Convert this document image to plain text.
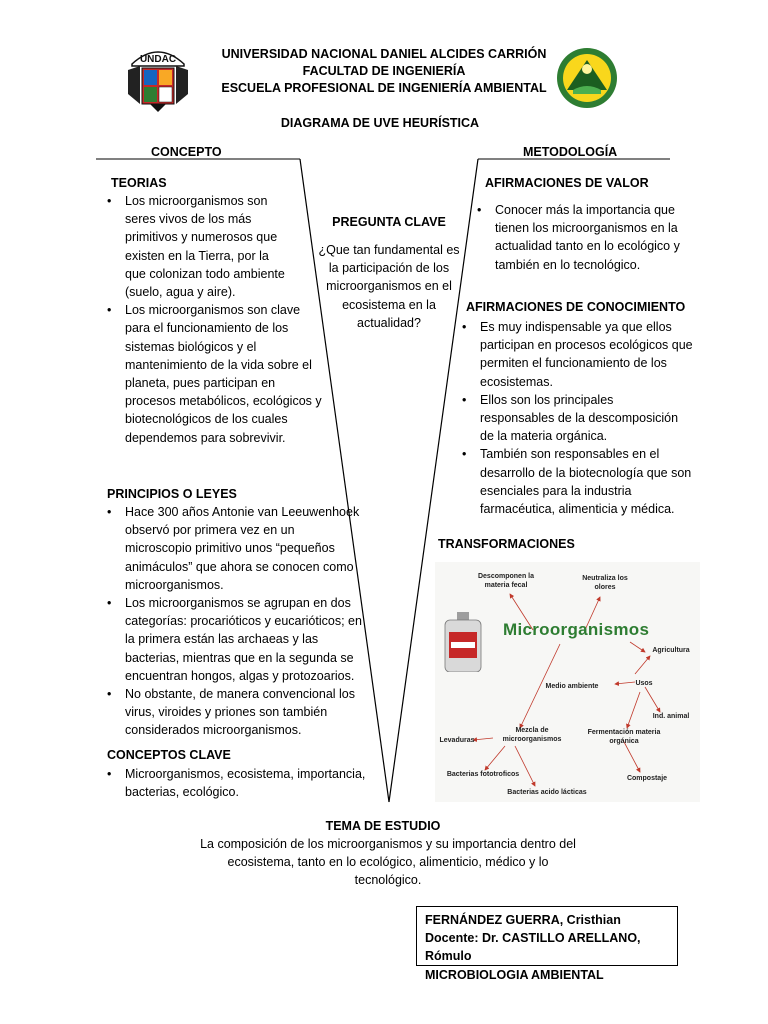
UNDAC	UNIVERSIDAD NACIONAL DANIEL ALCIDES CARRIÓN
FACULTAD DE INGENIERÍA
ESCUELA PROFESIONAL DE INGENIERÍA AMBIENTAL
DIAGRAMA DE UVE HEURÍSTICA
CONCEPTO	METODOLOGÍA
TEORIAS
• Los microorganismos son seres vivos de los más primitivos y numerosos que existen en la Tierra, por la que colonizan todo ambiente (suelo, agua y aire).
• Los microorganismos son clave para el funcionamiento de los sistemas biológicos y el mantenimiento de la vida sobre el planeta, pues participan en procesos metabólicos, ecológicos y biotecnológicos de los cuales dependemos para sobrevivir.
PRINCIPIOS O LEYES
• Hace 300 años Antonie van Leeuwenhoek observó por primera vez en un microscopio primitivo unos “pequeños animáculos” que ahora se conocen como microorganismos.
• Los microorganismos se agrupan en dos categorías: procarióticos y eucarióticos; en la primera están las archaeas y las bacterias, mientras que en la segunda se encuentran hongos, algas y protozoarios.
• No obstante, de manera convencional los virus, viroides y priones son también considerados microorganismos.
CONCEPTOS CLAVE
• Microorganismos, ecosistema, importancia, bacterias, ecológico.
PREGUNTA CLAVE
¿Que tan fundamental es la participación de los microorganismos en el ecosistema en la actualidad?
AFIRMACIONES DE VALOR
• Conocer más la importancia que tienen los microorganismos en la actualidad tanto en lo ecológico y también en lo tecnológico.
AFIRMACIONES DE CONOCIMIENTO
• Es muy indispensable ya que ellos participan en procesos ecológicos que permiten el funcionamiento de los ecosistemas.
• Ellos son los principales responsables de la descomposición de la materia orgánica.
• También son responsables en el desarrollo de la biotecnología que son esenciales para la industria farmacéutica, alimenticia y médica.
TRANSFORMACIONES
Microorganismos
Descomponen la materia fecal
Neutraliza los olores
Agricultura
Medio ambiente	Usos
Ind. animal
Levaduras
Mezcla de microorganismos
Fermentación materia orgánica
Bacterias fototroficos
Compostaje
Bacterias acido lácticas
TEMA DE ESTUDIO
La composición de los microorganismos y su importancia dentro del ecosistema, tanto en lo ecológico, alimenticio, médico y lo tecnológico.
FERNÁNDEZ GUERRA, Cristhian
Docente: Dr. CASTILLO ARELLANO, Rómulo
MICROBIOLOGIA AMBIENTAL
